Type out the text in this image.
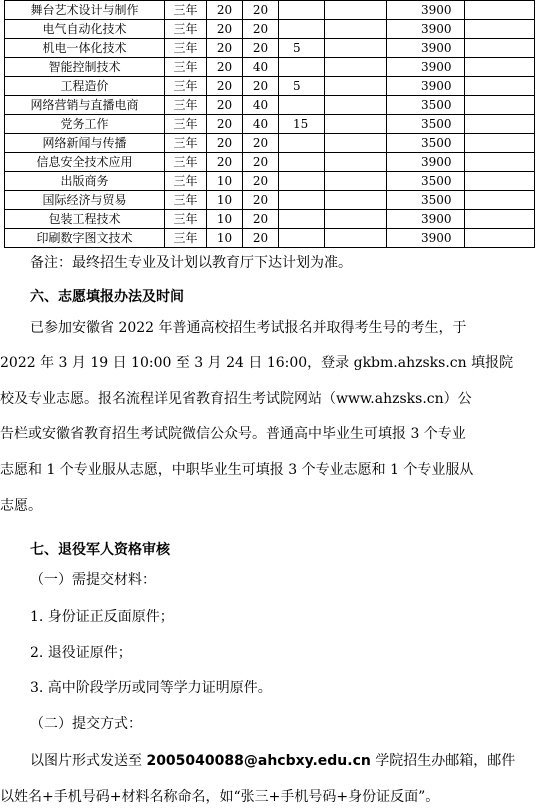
舞台艺术设计与制作	三年	20	20			3900	
电气自动化技术	三年	20	20			3900	
机电一体化技术	三年	20	20	5		3900	
智能控制技术	三年	20	40			3900	
工程造价	三年	20	20	5		3900	
网络营销与直播电商	三年	20	40			3500	
党务工作	三年	20	40	15		3500	
网络新闻与传播	三年	20	20			3500	
信息安全技术应用	三年	20	20			3900	
出版商务	三年	10	20			3500	
国际经济与贸易	三年	10	20			3500	
包装工程技术	三年	10	20			3900	
印刷数字图文技术	三年	10	20			3900	
备注：最终招生专业及计划以教育厅下达计划为准。
六、志愿填报办法及时间
已参加安徽省 2022 年普通高校招生考试报名并取得考生号的考生，于
2022 年 3 月 19 日 10:00 至 3 月 24 日 16:00，登录 gkbm.ahzsks.cn 填报院
校及专业志愿。报名流程详见省教育招生考试院网站（www.ahzsks.cn）公
告栏或安徽省教育招生考试院微信公众号。普通高中毕业生可填报 3 个专业
志愿和 1 个专业服从志愿，中职毕业生可填报 3 个专业志愿和 1 个专业服从
志愿。
七、退役军人资格审核
（一）需提交材料：
1. 身份证正反面原件；
2. 退役证原件；
3. 高中阶段学历或同等学力证明原件。
（二）提交方式：
以图片形式发送至 2005040088@ahcbxy.edu.cn 学院招生办邮箱，邮件
以姓名+手机号码+材料名称命名，如“张三+手机号码+身份证反面”。
